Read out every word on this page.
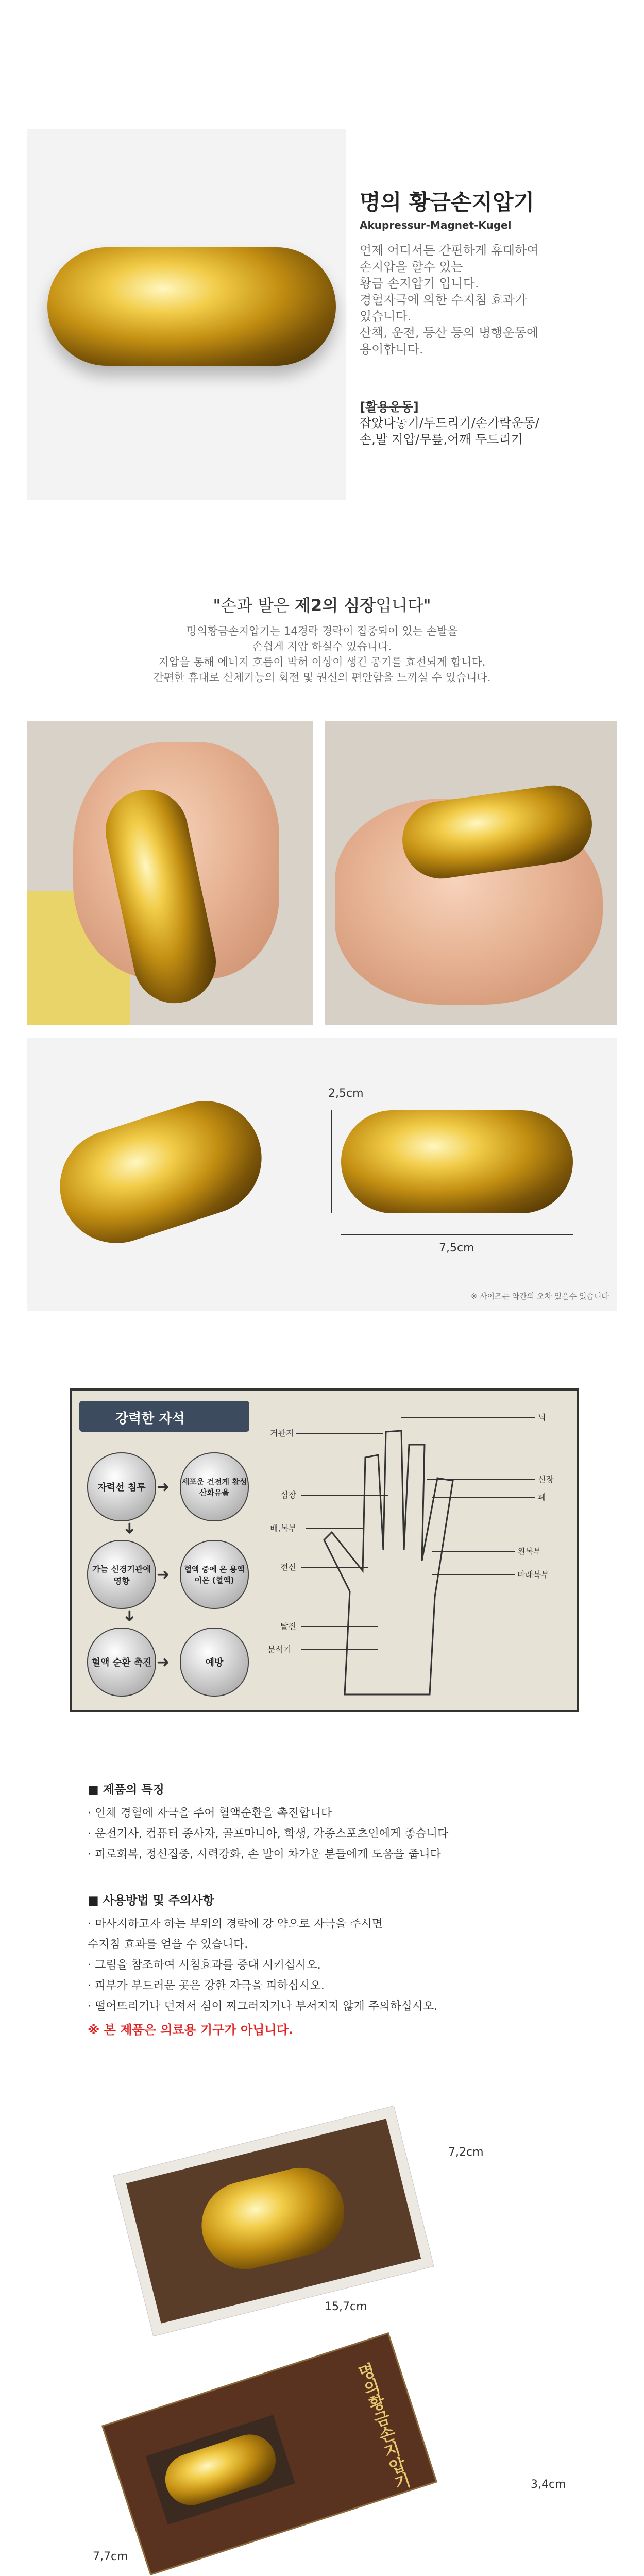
명의 황금손지압기
Akupressur-Magnet-Kugel
언제 어디서든 간편하게 휴대하여
손지압을 할수 있는
황금 손지압기 입니다.
경혈자극에 의한 수지침 효과가
있습니다.
산책, 운전, 등산 등의 병행운동에
용이합니다.
[활용운동]
잡았다놓기/두드리기/손가락운동/
손,발 지압/무릎,어깨 두드리기
"손과 발은 제2의 심장입니다"
명의황금손지압기는 14경락 경락이 집중되어 있는 손발을
손쉽게 지압 하실수 있습니다.
지압을 통해 에너지 흐름이 막혀 이상이 생긴 공기를 효전되게 합니다.
간편한 휴대로 신체기능의 회전 및 권신의 편안함을 느끼실 수 있습니다.
2,5cm
7,5cm
※ 사이즈는 약간의 오차 있을수 있습니다
강력한 자석
자력선 침투
세포운 건전케 활성 산화유을
가늠 신경기관에 영향
혈액 중에 은 용액 이온 (혈액)
혈액 순환 촉진	예방
➜
➜
➜
➜
➜
거관지
심장
배,복부
전신
탈진
분석기
뇌
신장
폐
왼복부
마래복부
■ 제품의 특징
· 인체 경혈에 자극을 주어 혈액순환을 촉진합니다
· 운전기사, 컴퓨터 종사자, 골프마니아, 학생, 각종스포츠인에게 좋습니다
· 피로회복, 정신집중, 시력강화, 손 발이 차가운 분들에게 도움을 줍니다
■ 사용방법 및 주의사항
· 마사지하고자 하는 부위의 경락에 강 약으로 자극을 주시면
수지침 효과를 얻을 수 있습니다.
· 그림을 참조하여 시침효과를 증대 시키십시오.
· 피부가 부드러운 곳은 강한 자극을 피하십시오.
· 떨어뜨리거나 던져서 심이 찌그러지거나 부서지지 않게 주의하십시오.
※ 본 제품은 의료용 기구가 아닙니다.
7,2cm
15,7cm
명의황금손지압기	3,4cm
7,7cm
